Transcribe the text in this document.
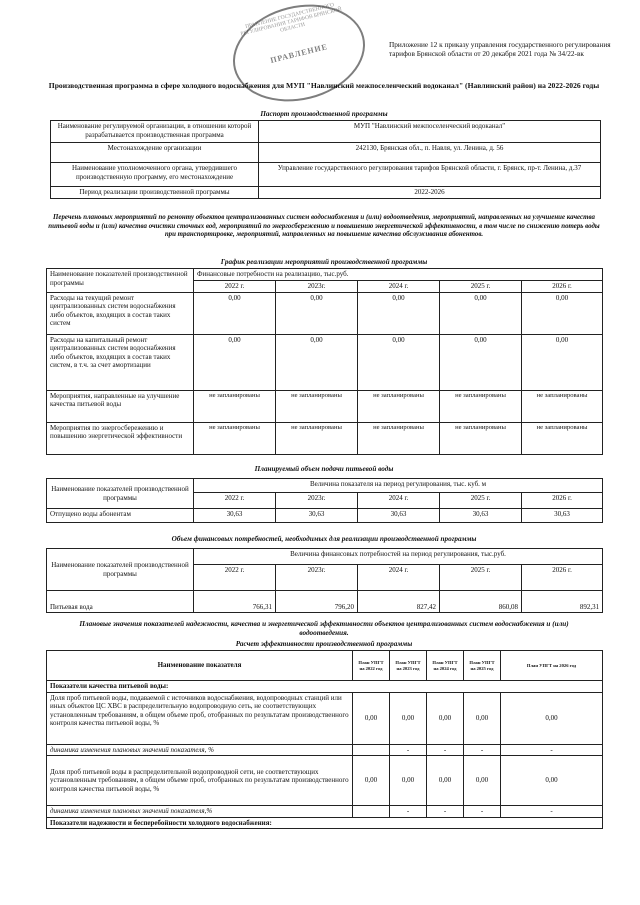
ПРАВЛЕНИЕ ГОСУДАРСТВЕННОГО РЕГУЛИРОВАНИЯ ТАРИФОВ БРЯНСКОЙ ОБЛАСТИ
ПРАВЛЕНИЕ	Приложение 12 к приказу управления государственного регулирования тарифов Брянской области от 20 декабря 2021 года № 34/22-вк
Производственная программа в сфере холодного водоснабжения для МУП "Навлинский межпоселенческий водоканал" (Навлинский район) на 2022-2026 годы
Паспорт производственной программы
Наименование регулируемой организации, в отношении которой разрабатывается производственная программа	МУП "Навлинский межпоселенческий водоканал"
Местонахождение организации	242130, Брянская обл., п. Навля, ул. Ленина, д. 56
Наименование уполномоченного органа, утвердившего производственную программу, его местонахождение	Управление государственного регулирования тарифов Брянской области, г. Брянск, пр-т. Ленина, д.37
Период реализации производственной программы	2022-2026
Перечень плановых мероприятий по ремонту объектов централизованных систем водоснабжения и (или) водоотведения, мероприятий, направленных на улучшение качества питьевой воды и (или) качества очистки сточных вод, мероприятий по энергосбережению и повышению энергетической эффективности, в том числе по снижению потерь воды при транспортировке, мероприятий, направленных на повышение качества обслуживания абонентов.
График реализации мероприятий производственной программы
Наименование показателей производственной программы	Финансовые потребности на реализацию, тыс.руб.				
	2022 г.	2023г.	2024 г.	2025 г.	2026 г.
Расходы на текущий ремонт централизованных систем водоснабжения либо объектов, входящих в состав таких систем	0,00	0,00	0,00	0,00	0,00
Расходы на капитальный ремонт централизованных систем водоснабжения либо объектов, входящих в состав таких систем, в т.ч. за счет амортизации	0,00	0,00	0,00	0,00	0,00
Мероприятия, направленные на улучшение качества питьевой воды	не запланированы	не запланированы	не запланированы	не запланированы	не запланированы
Мероприятия по энергосбережению и повышению энергетической эффективности	не запланированы	не запланированы	не запланированы	не запланированы	не запланированы
Планируемый объем подачи питьевой воды
Наименование показателей производственной программы	Величина показателя на период регулирования, тыс. куб. м				
	2022 г.	2023г.	2024 г.	2025 г.	2026 г.
Отпущено воды абонентам	30,63	30,63	30,63	30,63	30,63
Объем финансовых потребностей, необходимых для реализации производственной программы
Наименование показателей производственной программы	Величина финансовых потребностей на период регулирования, тыс.руб.				
	2022 г.	2023г.	2024 г.	2025 г.	2026 г.
Питьевая вода	766,31	796,20	827,42	860,08	892,31
Плановые значения показателей надежности, качества и энергетической эффективности объектов централизованных систем водоснабжения и (или) водоотведения.
Расчет эффективности производственной программы
Наименование показателя	План УПГТ на 2022 год	План УПГТ на 2023 год	План УПГТ на 2024 год	План УПГТ на 2025 год	План УПГТ на 2026 год
Показатели качества питьевой воды:					
Доля проб питьевой воды, подаваемой с источников водоснабжения, водопроводных станций или иных объектов ЦС ХВС в распределительную водопроводную сеть, не соответствующих установленным требованиям, в общем объеме проб, отобранных по результатам производственного контроля качества питьевой воды, %	0,00	0,00	0,00	0,00	0,00
динамика изменения плановых значений показателя, %		-	-	-	-
Доля проб питьевой воды в распределительной водопроводной сети, не соответствующих установленным требованиям, в общем объеме проб, отобранных по результатам производственного контроля качества питьевой воды, %	0,00	0,00	0,00	0,00	0,00
динамика изменения плановых значений показателя,%		-	-	-	-
Показатели надежности и бесперебойности холодного водоснабжения:					
